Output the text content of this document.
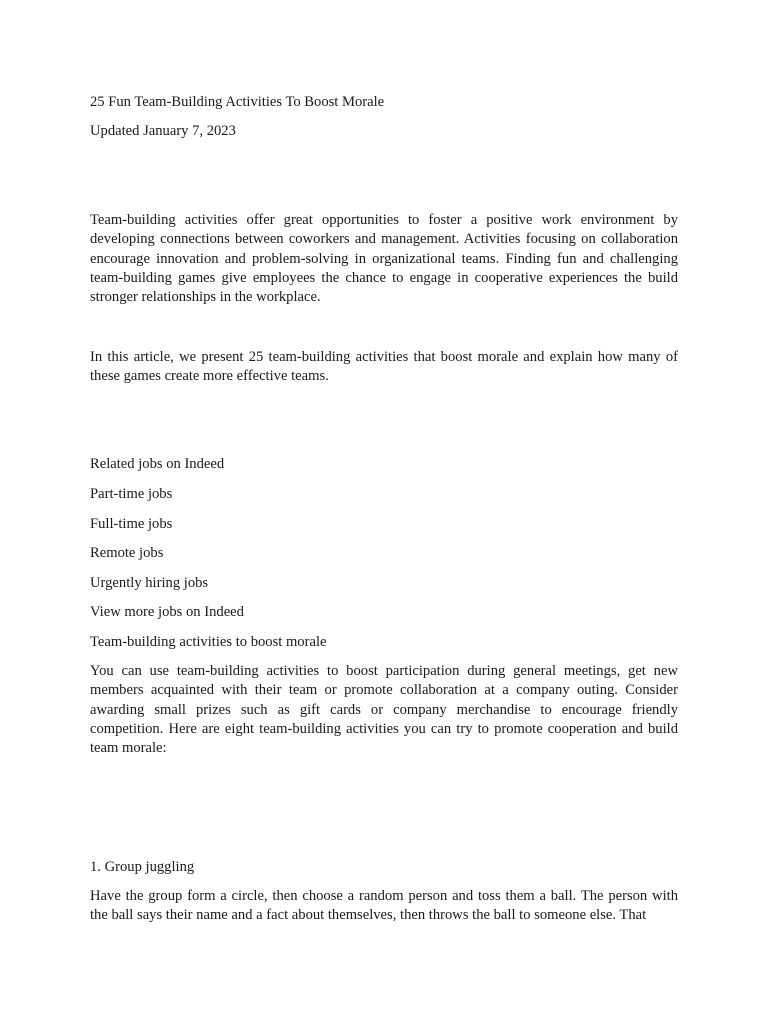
25 Fun Team-Building Activities To Boost Morale
Updated January 7, 2023

Team-building activities offer great opportunities to foster a positive work environment by developing connections between coworkers and management. Activities focusing on collaboration encourage innovation and problem-solving in organizational teams. Finding fun and challenging team-building games give employees the chance to engage in cooperative experiences the build stronger relationships in the workplace.

In this article, we present 25 team-building activities that boost morale and explain how many of these games create more effective teams.

Related jobs on Indeed
Part-time jobs
Full-time jobs
Remote jobs
Urgently hiring jobs
View more jobs on Indeed
Team-building activities to boost morale

You can use team-building activities to boost participation during general meetings, get new members acquainted with their team or promote collaboration at a company outing. Consider awarding small prizes such as gift cards or company merchandise to encourage friendly competition. Here are eight team-building activities you can try to promote cooperation and build team morale:

1. Group juggling

Have the group form a circle, then choose a random person and toss them a ball. The person with the ball says their name and a fact about themselves, then throws the ball to someone else. That
